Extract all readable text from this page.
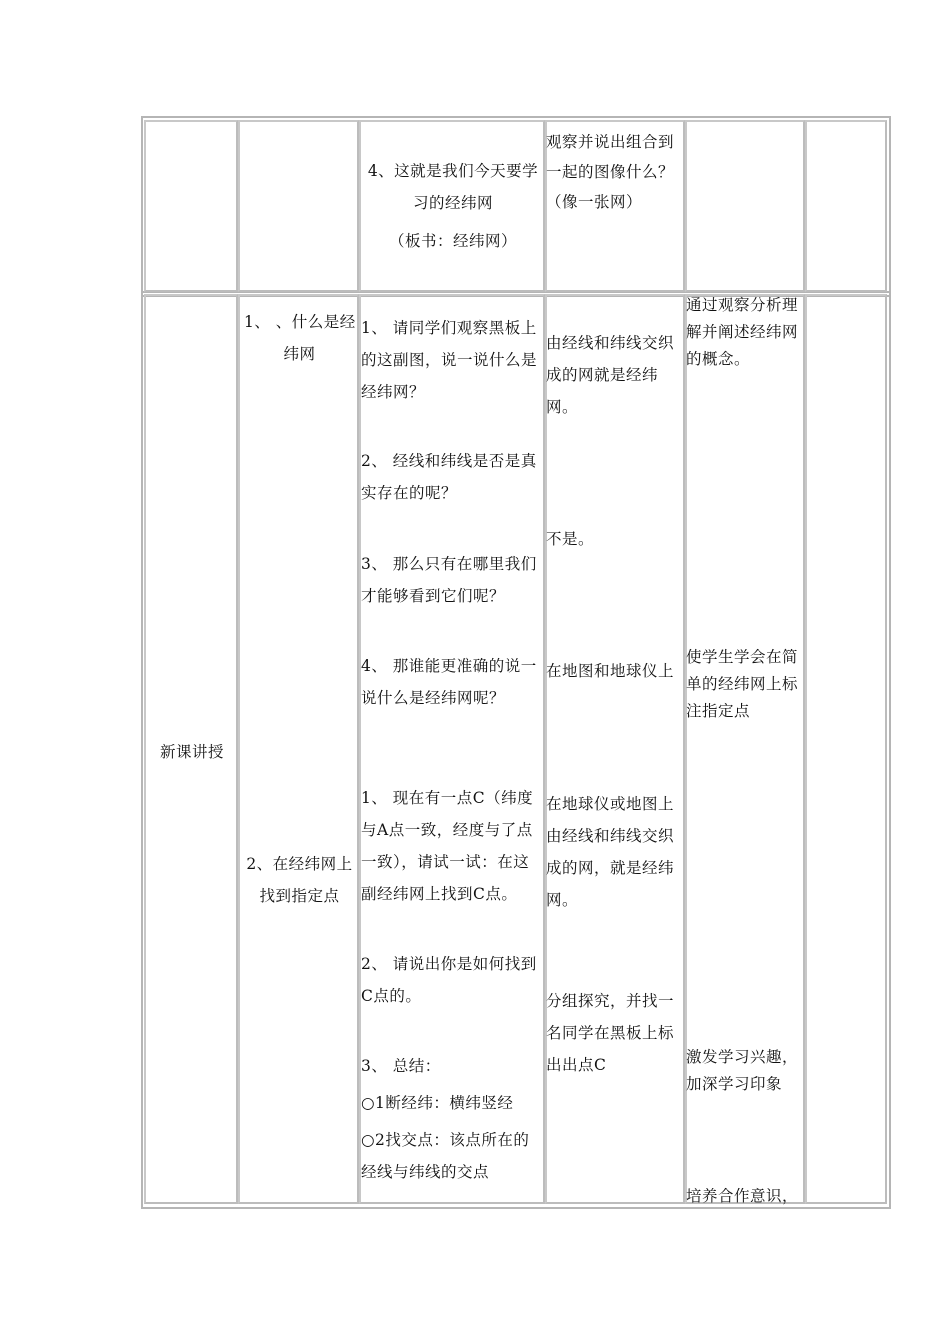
4、这就是我们今天要学
习的经纬网
（板书：经纬网）
观察并说出组合到
一起的图像什么？
（像一张网）
新课讲授
1、 、什么是经
纬网
2、在经纬网上
找到指定点
1、 请同学们观察黑板上
的这副图，说一说什么是
经纬网？
2、 经线和纬线是否是真
实存在的呢？
3、 那么只有在哪里我们
才能够看到它们呢？
4、 那谁能更准确的说一
说什么是经纬网呢？
1、 现在有一点C（纬度
与A点一致，经度与了点
一致），请试一试：在这
副经纬网上找到C点。
2、 请说出你是如何找到
C点的。
3、 总结：
○1断经纬：横纬竖经
○2找交点：该点所在的
经线与纬线的交点
由经线和纬线交织
成的网就是经纬
网。
不是。
在地图和地球仪上
在地球仪或地图上
由经线和纬线交织
成的网，就是经纬
网。
分组探究，并找一
名同学在黑板上标
出出点C
通过观察分析理
解并阐述经纬网
的概念。
使学生学会在简
单的经纬网上标
注指定点
激发学习兴趣，
加深学习印象
培养合作意识，
